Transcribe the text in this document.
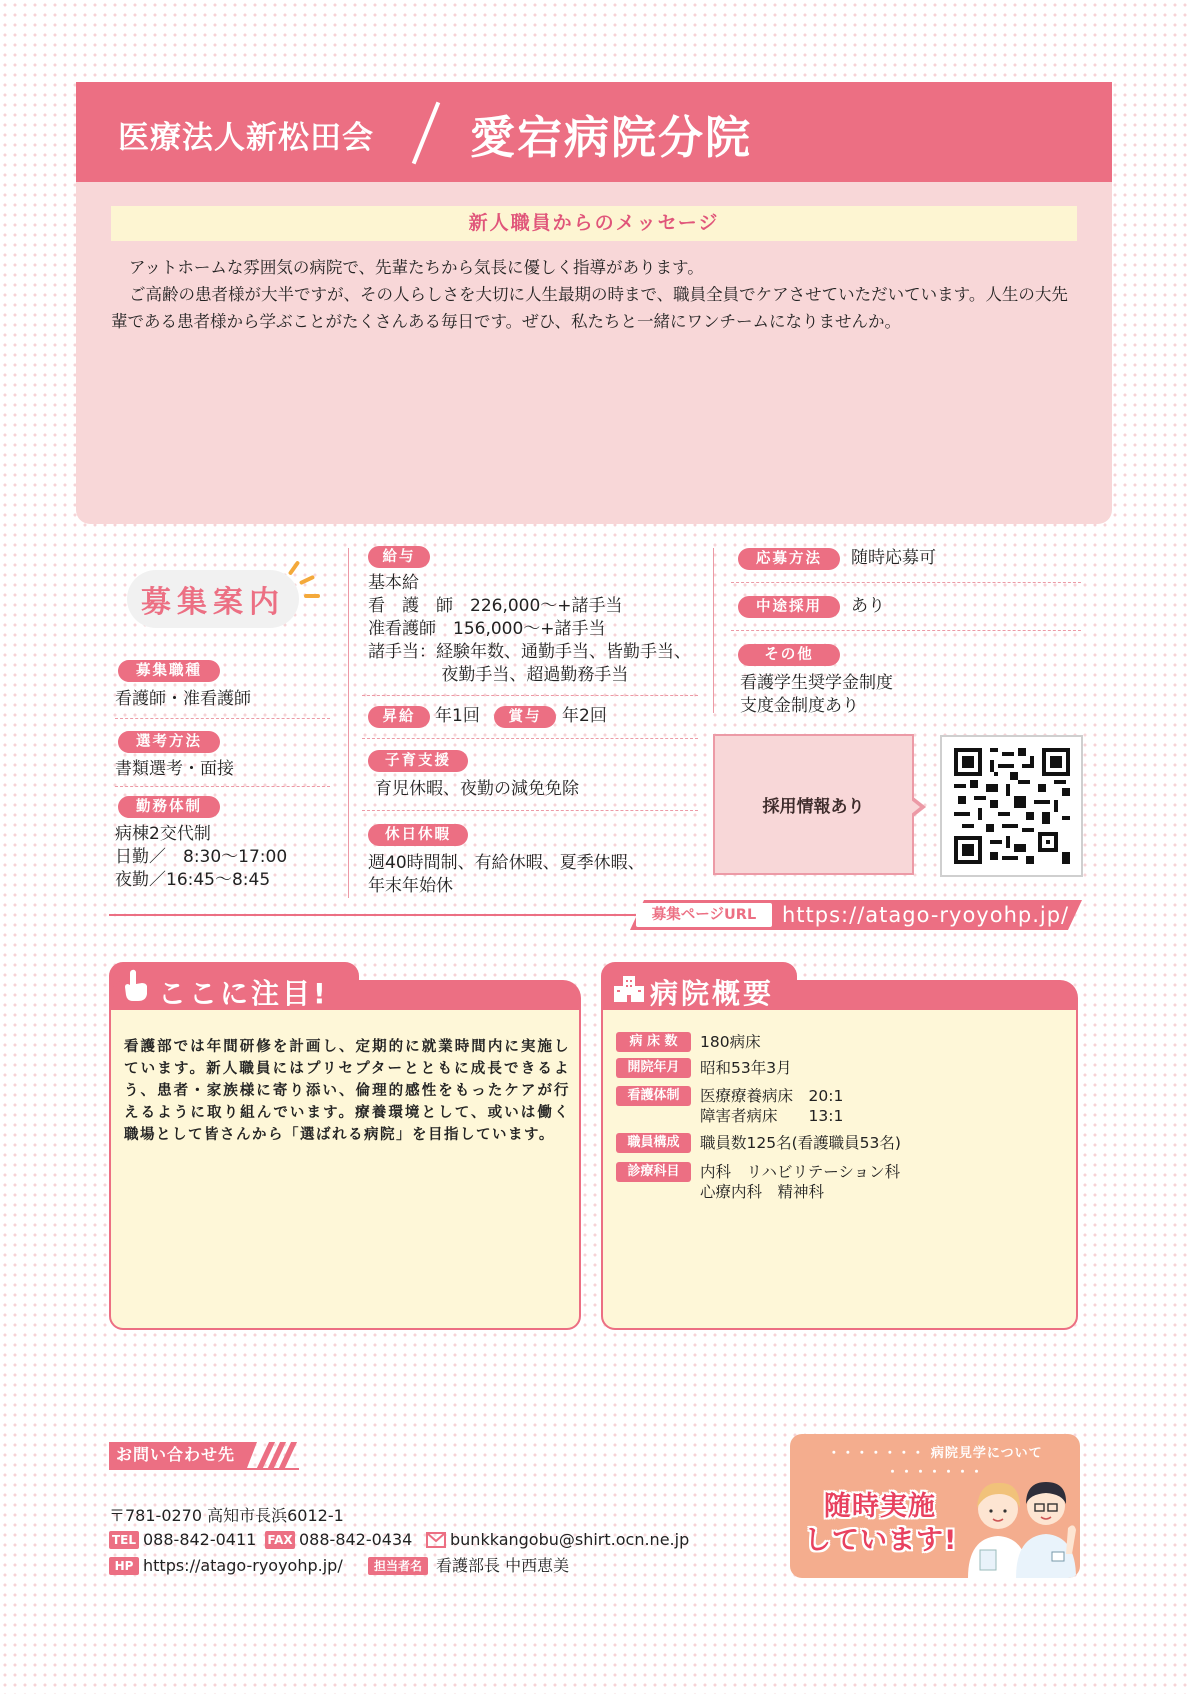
医療法人新松田会 愛宕病院分院
新人職員からのメッセージ
アットホームな雰囲気の病院で、先輩たちから気長に優しく指導があります。
ご高齢の患者様が大半ですが、その人らしさを大切に人生最期の時まで、職員全員でケアさせていただいています。人生の大先輩である患者様から学ぶことがたくさんある毎日です。ぜひ、私たちと一緒にワンチームになりませんか。
募集案内
募集職種
看護師・准看護師
選考方法
書類選考・面接
勤務体制
病棟2交代制
日勤／　8:30～17:00
夜勤／16:45～8:45
給与
基本給
看　護　師　226,000～+諸手当
准看護師　156,000～+諸手当
諸手当：経験年数、通勤手当、皆勤手当、
　　　　 夜勤手当、超過勤務手当
昇給	年1回	賞与	年2回
子育支援
育児休暇、夜勤の減免免除
休日休暇
週40時間制、有給休暇、夏季休暇、
年末年始休
応募方法	随時応募可
中途採用	あり
その他
看護学生奨学金制度
支度金制度あり
採用情報あり
募集ページURL	https://atago-ryoyohp.jp/
ここに注目!
看護部では年間研修を計画し、定期的に就業時間内に実施しています。新人職員にはプリセプターとともに成長できるよう、患者・家族様に寄り添い、倫理的感性をもったケアが行えるように取り組んでいます。療養環境として、或いは働く職場として皆さんから「選ばれる病院」を目指しています。
病院概要
病 床 数	180病床
開院年月	昭和53年3月
看護体制	医療療養病床　20:1
障害者病床　　13:1
職員構成	職員数125名(看護職員53名)
診療科目	内科　リハビリテーション科
心療内科　精神科
お問い合わせ先
〒781-0270 高知市長浜6012-1
TEL 088-842-0411 FAX 088-842-0434 bunkkangobu@shirt.ocn.ne.jp
HP https://atago-ryoyohp.jp/	担当者名 看護部長 中西恵美
・・・・・・・ 病院見学について ・・・・・・・
随時実施
しています!
